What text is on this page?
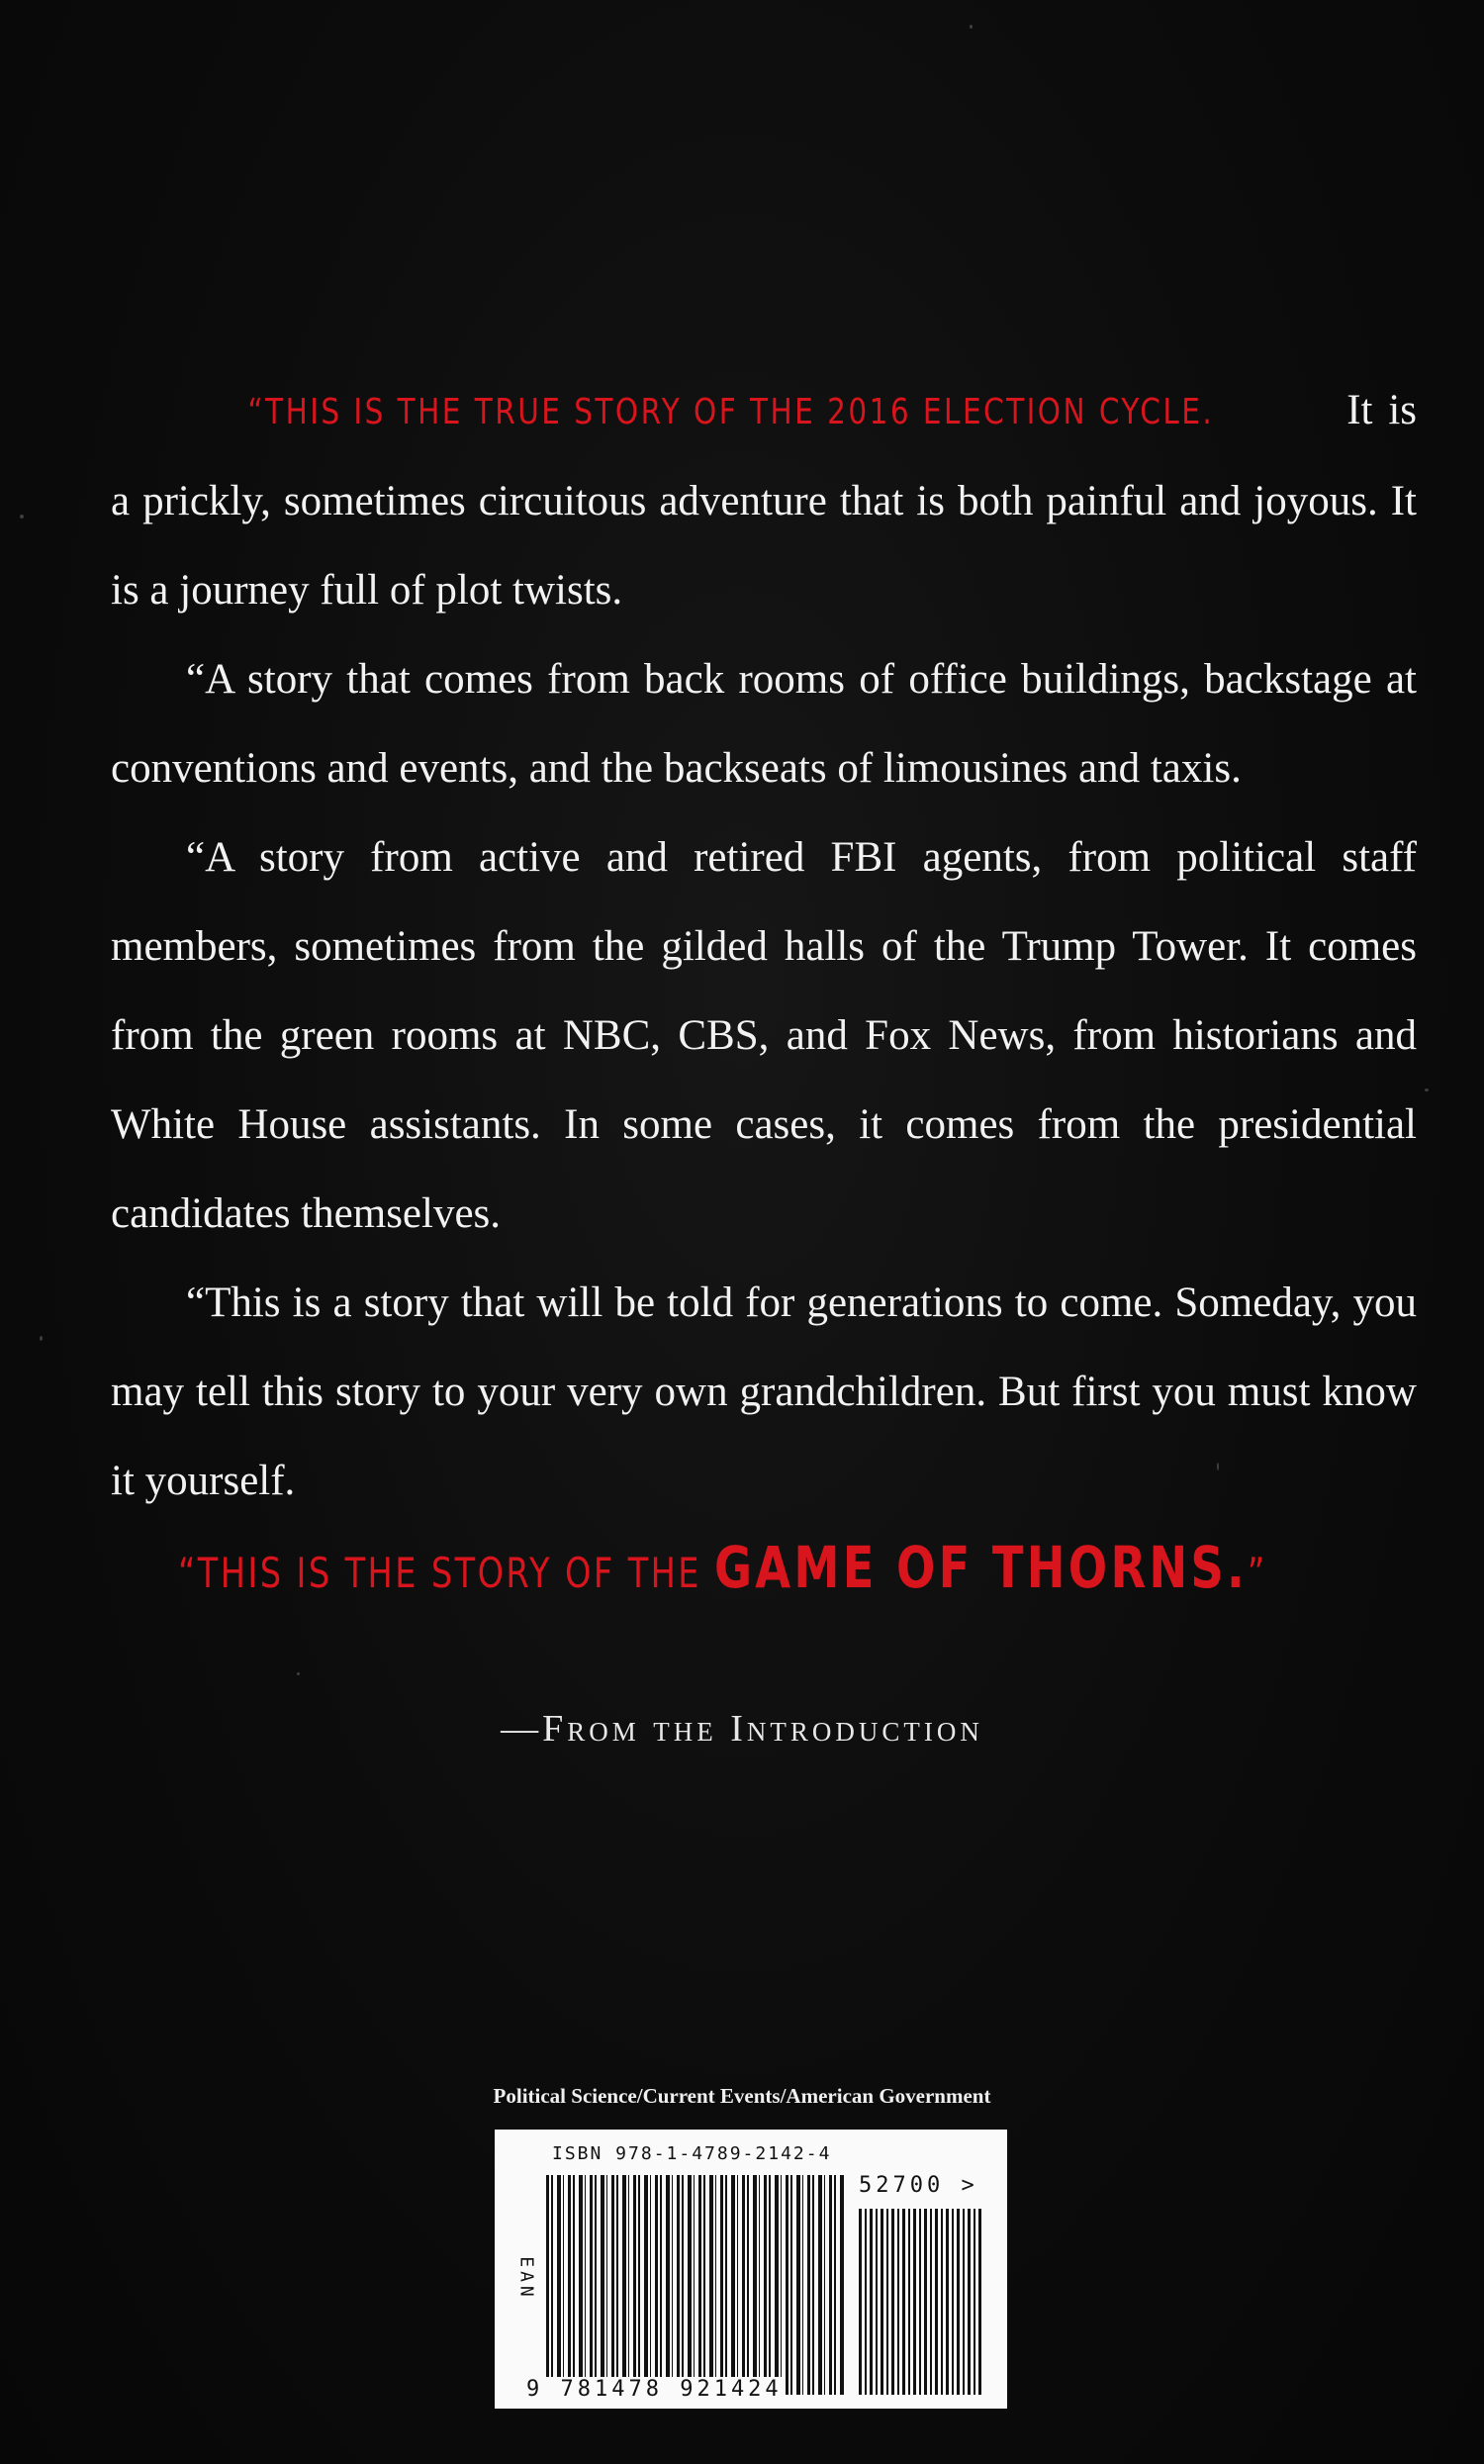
“THIS IS THE TRUE STORY OF THE 2016 ELECTION CYCLE.	It is a prickly, sometimes circuitous adventure that is both painful and joyous. It is a journey full of plot twists.

“A story that comes from back rooms of office buildings, backstage at conventions and events, and the backseats of limousines and taxis.

“A story from active and retired FBI agents, from political staff members, sometimes from the gilded halls of the Trump Tower. It comes from the green rooms at NBC, CBS, and Fox News, from historians and White House assistants. In some cases, it comes from the presidential candidates themselves.

“This is a story that will be told for generations to come. Someday, you may tell this story to your very own grandchildren. But first you must know it yourself.

“THIS IS THE STORY OF THE GAME OF THORNS.”
—From the Introduction
Political Science/Current Events/American Government
ISBN 978-1-4789-2142-4
EAN
52700 >
9 781478 921424
